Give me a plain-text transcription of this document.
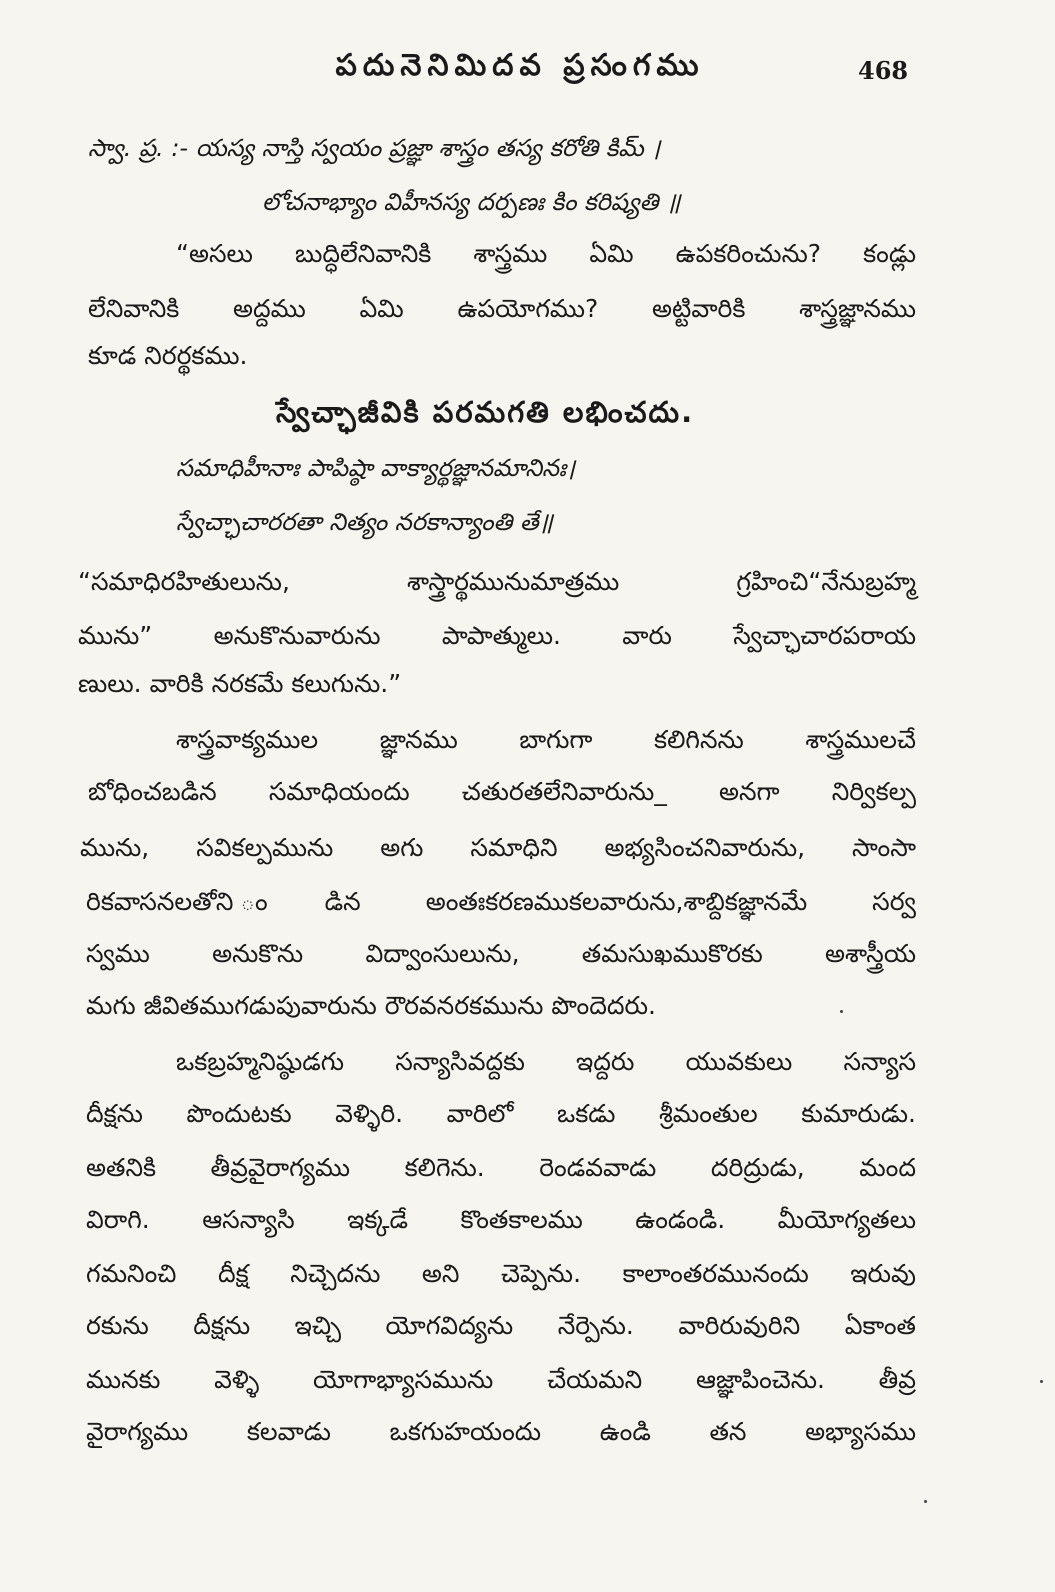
పదునెనిమిదవ ప్రసంగము	468
స్వా. ప్ర. :- యస్య నాస్తి స్వయం ప్రజ్ఞా శాస్త్రం తస్య కరోతి కిమ్ ।
లోచనాభ్యాం విహీనస్య దర్పణః కిం కరిష్యతి ॥
“అసలు బుద్ధిలేనివానికి శాస్త్రము ఏమి ఉపకరించును? కండ్లు
లేనివానికి అద్దము ఏమి ఉపయోగము? అట్టివారికి శాస్త్రజ్ఞానము
కూడ నిరర్థకము.
స్వేచ్ఛాజీవికి పరమగతి లభించదు.
సమాధిహీనాః పాపిష్ఠా వాక్యార్థజ్ఞానమానినః।
స్వేచ్ఛాచారరతా నిత్యం నరకాన్యాంతి తే॥
“సమాధిరహితులును, శాస్త్రార్థమునుమాత్రము గ్రహించి“నేనుబ్రహ్మ
మును” అనుకొనువారును పాపాత్ములు. వారు స్వేచ్ఛాచారపరాయ
ణులు. వారికి నరకమే కలుగును.”
శాస్త్రవాక్యముల జ్ఞానము బాగుగా కలిగినను శాస్త్రములచే
బోధించబడిన సమాధియందు చతురతలేనివారును_ అనగా నిర్వికల్ప
మును, సవికల్పమును అగు సమాధిని అభ్యసించనివారును, సాంసా
రికవాసనలతోని ండిన అంతఃకరణముకలవారును,శాబ్దికజ్ఞానమే సర్వ
స్వము అనుకొను విద్వాంసులును, తమసుఖముకొరకు అశాస్త్రీయ
మగు జీవితముగడుపువారును రౌరవనరకమును పొందెదరు.
ఒకబ్రహ్మనిష్ఠుడగు సన్యాసివద్దకు ఇద్దరు యువకులు సన్యాస
దీక్షను పొందుటకు వెళ్ళిరి. వారిలో ఒకడు శ్రీమంతుల కుమారుడు.
అతనికి తీవ్రవైరాగ్యము కలిగెను. రెండవవాడు దరిద్రుడు, మంద
విరాగి. ఆసన్యాసి ఇక్కడే కొంతకాలము ఉండండి. మీయోగ్యతలు
గమనించి దీక్ష నిచ్చెదను అని చెప్పెను. కాలాంతరమునందు ఇరువు
రకును దీక్షను ఇచ్చి యోగవిద్యను నేర్పెను. వారిరువురిని ఏకాంత
మునకు వెళ్ళి యోగాభ్యాసమును చేయమని ఆజ్ఞాపించెను. తీవ్ర
వైరాగ్యము కలవాడు ఒకగుహయందు ఉండి తన అభ్యాసము
